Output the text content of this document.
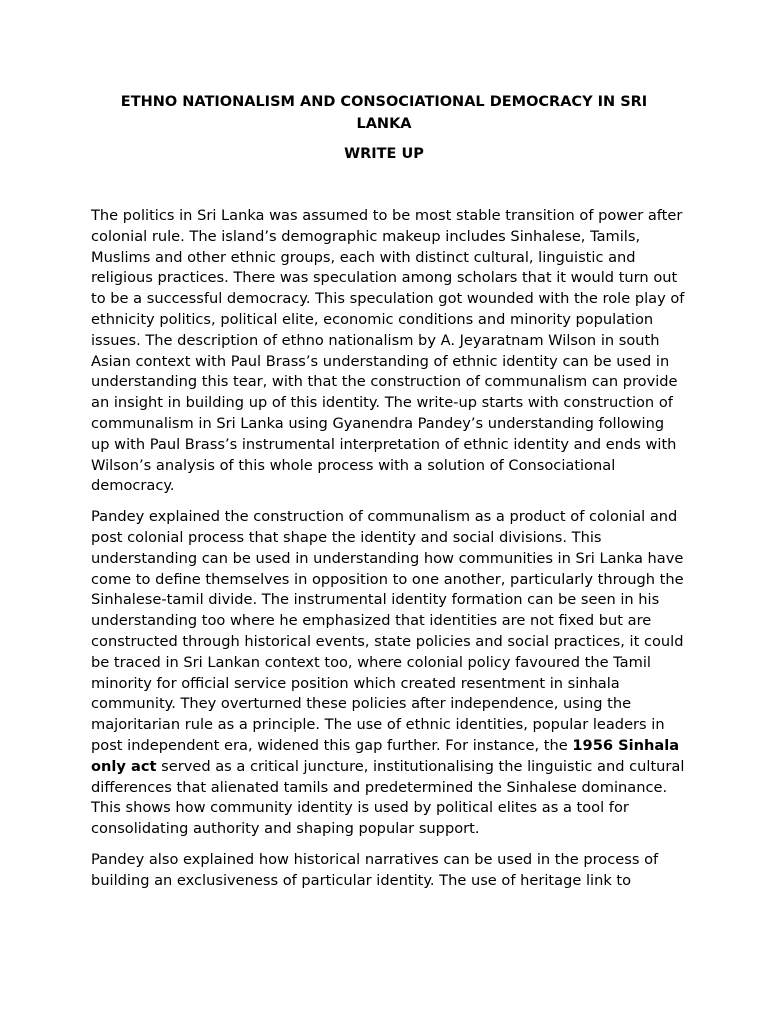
ETHNO NATIONALISM AND CONSOCIATIONAL DEMOCRACY IN SRI LANKA
WRITE UP

The politics in Sri Lanka was assumed to be most stable transition of power after colonial rule. The island’s demographic makeup includes Sinhalese, Tamils, Muslims and other ethnic groups, each with distinct cultural, linguistic and religious practices. There was speculation among scholars that it would turn out to be a successful democracy. This speculation got wounded with the role play of ethnicity politics, political elite, economic conditions and minority population issues. The description of ethno nationalism by A. Jeyaratnam Wilson in south Asian context with Paul Brass’s understanding of ethnic identity can be used in understanding this tear, with that the construction of communalism can provide an insight in building up of this identity. The write-up starts with construction of communalism in Sri Lanka using Gyanendra Pandey’s understanding following up with Paul Brass’s instrumental interpretation of ethnic identity and ends with Wilson’s analysis of this whole process with a solution of Consociational democracy.

Pandey explained the construction of communalism as a product of colonial and post colonial process that shape the identity and social divisions. This understanding can be used in understanding how communities in Sri Lanka have come to define themselves in opposition to one another, particularly through the Sinhalese-tamil divide. The instrumental identity formation can be seen in his understanding too where he emphasized that identities are not fixed but are constructed through historical events, state policies and social practices, it could be traced in Sri Lankan context too, where colonial policy favoured the Tamil minority for official service position which created resentment in sinhala community. They overturned these policies after independence, using the majoritarian rule as a principle. The use of ethnic identities, popular leaders in post independent era, widened this gap further. For instance, the 1956 Sinhala only act served as a critical juncture, institutionalising the linguistic and cultural differences that alienated tamils and predetermined the Sinhalese dominance. This shows how community identity is used by political elites as a tool for consolidating authority and shaping popular support.

Pandey also explained how historical narratives can be used in the process of building an exclusiveness of particular identity. The use of heritage link to
